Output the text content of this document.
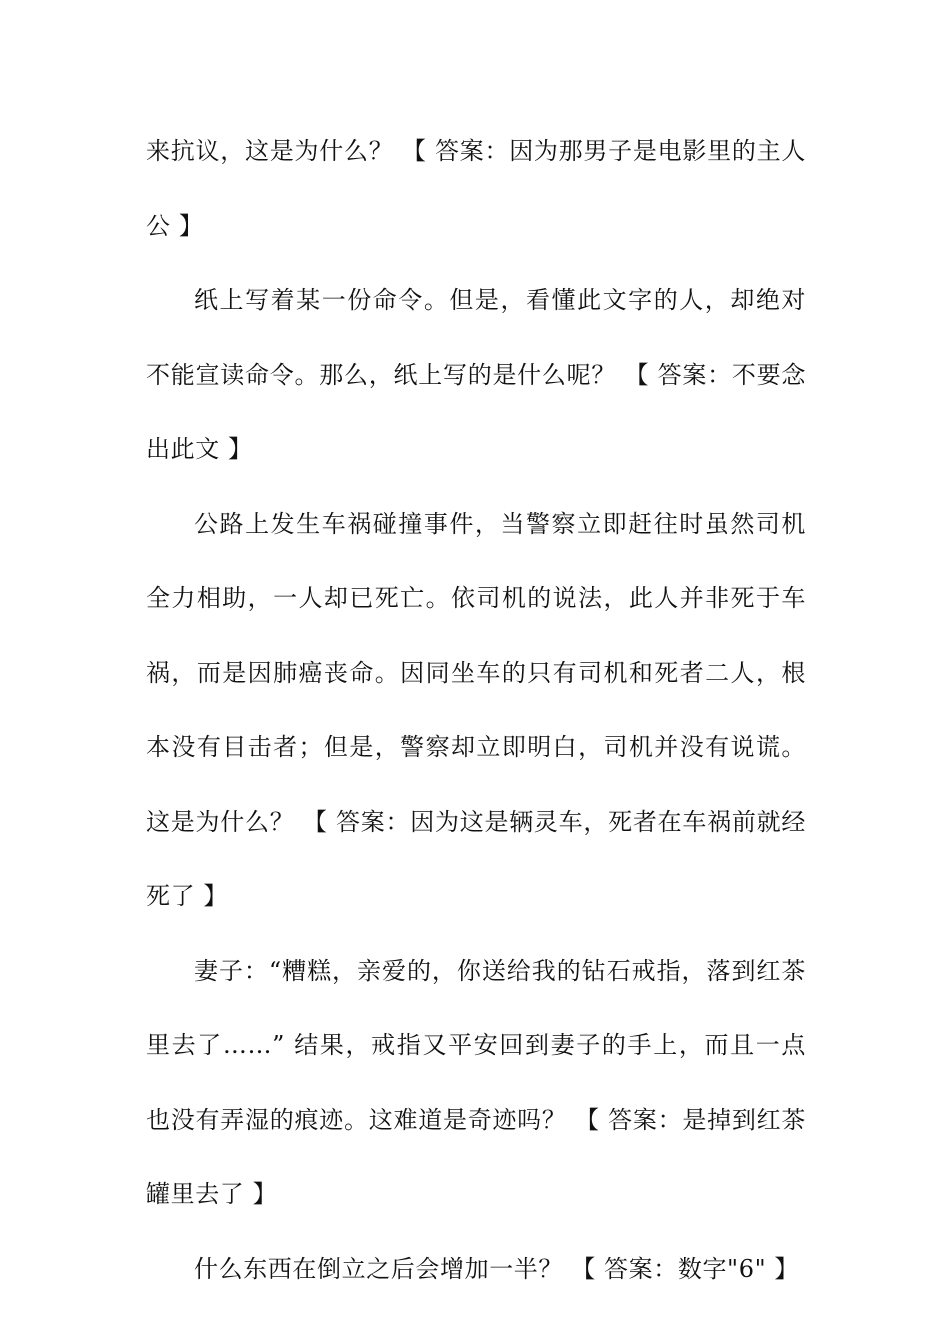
来抗议，这是为什么？ 【 答案：因为那男子是电影里的主人公 】

纸上写着某一份命令。但是，看懂此文字的人，却绝对不能宣读命令。那么，纸上写的是什么呢？ 【 答案：不要念出此文 】

公路上发生车祸碰撞事件，当警察立即赶往时虽然司机全力相助，一人却已死亡。依司机的说法，此人并非死于车祸，而是因肺癌丧命。因同坐车的只有司机和死者二人，根本没有目击者；但是，警察却立即明白，司机并没有说谎。这是为什么？ 【 答案：因为这是辆灵车，死者在车祸前就经死了 】

妻子：“糟糕，亲爱的，你送给我的钻石戒指，落到红茶里去了……” 结果，戒指又平安回到妻子的手上，而且一点也没有弄湿的痕迹。这难道是奇迹吗？ 【 答案：是掉到红茶罐里去了 】

什么东西在倒立之后会增加一半？ 【 答案：数字"6" 】
